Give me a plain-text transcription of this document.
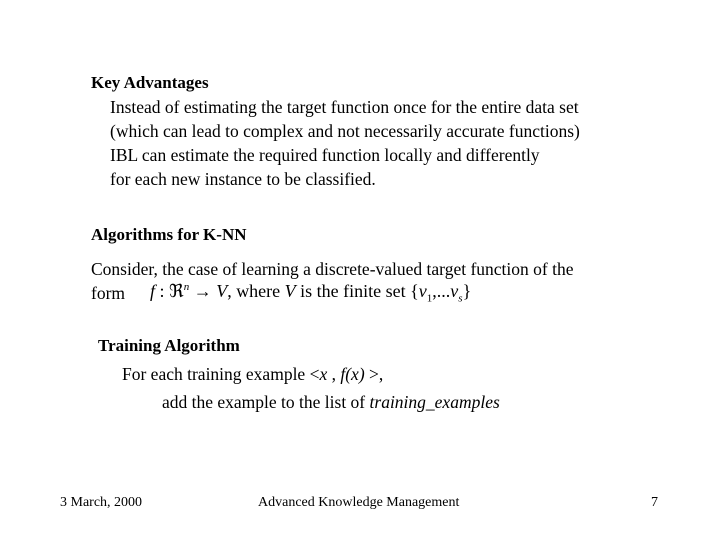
Key Advantages
Instead of estimating the target function once for the entire data set
(which can lead to complex and not necessarily accurate functions)
IBL can estimate the required function locally and differently
for each new instance to be classified.
Algorithms for K-NN
Consider, the case of learning a discrete-valued target function of the
form f : ℜ$^n$ → V, where V is the finite set $\{v_1,...v_s\}$
Training Algorithm
For each training example <x , f(x) >,
add the example to the list of training_examples
3 March, 2000	Advanced Knowledge Management	7
